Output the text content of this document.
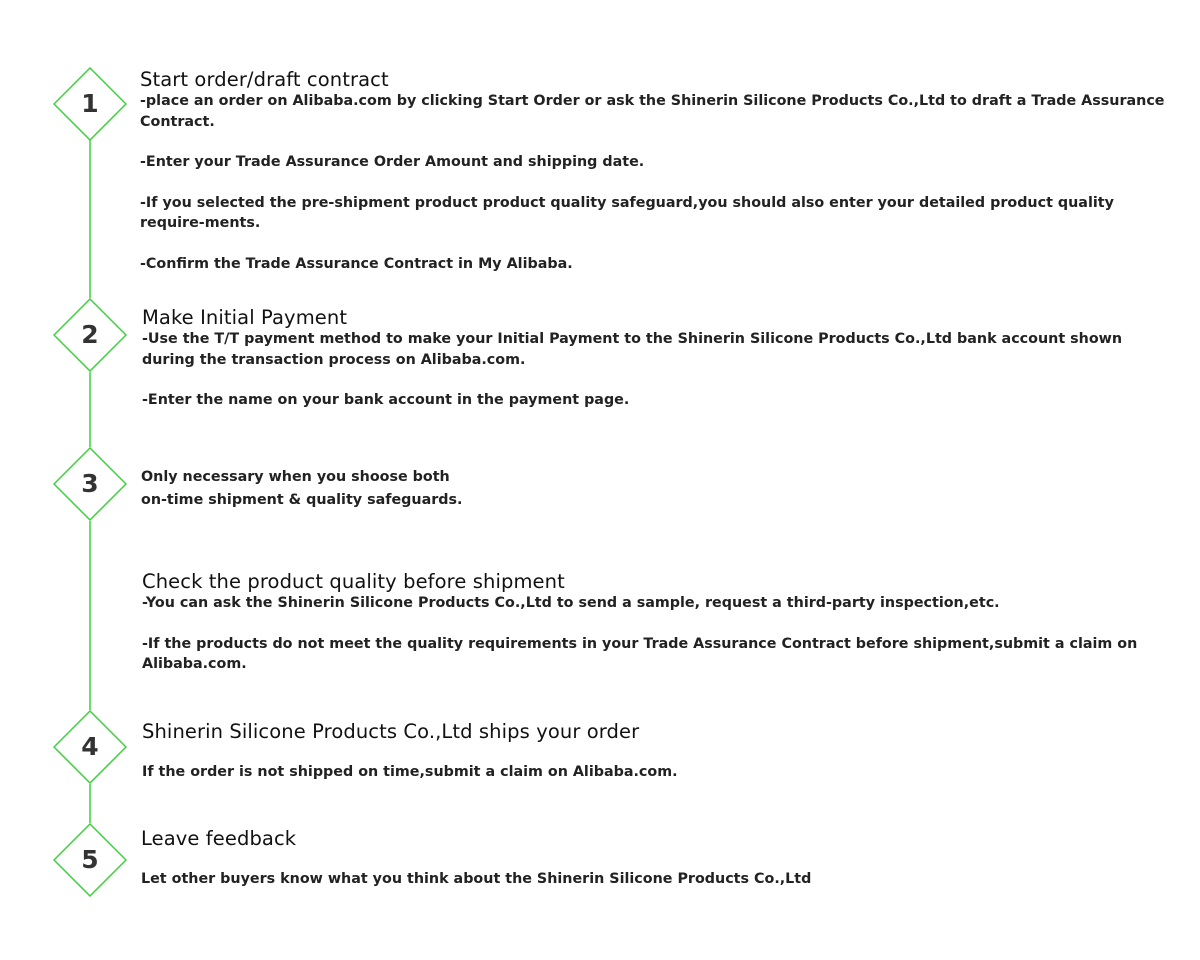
1
2
3
4
5
Start order/draft contract

-place an order on Alibaba.com by clicking Start Order or ask the Shinerin Silicone Products Co.,Ltd to draft a Trade Assurance Contract.

-Enter your Trade Assurance Order Amount and shipping date.

-If you selected the pre-shipment product product quality safeguard,you should also enter your detailed product quality require-ments.

-Confirm the Trade Assurance Contract in My Alibaba.

Make Initial Payment

-Use the T/T payment method to make your Initial Payment to the Shinerin Silicone Products Co.,Ltd bank account shown during the transaction process on Alibaba.com.

-Enter the name on your bank account in the payment page.

Only necessary when you shoose both

on-time shipment & quality safeguards.

Check the product quality before shipment

-You can ask the Shinerin Silicone Products Co.,Ltd to send a sample, request a third-party inspection,etc.

-If the products do not meet the quality requirements in your Trade Assurance Contract before shipment,submit a claim on Alibaba.com.

Shinerin Silicone Products Co.,Ltd ships your order

If the order is not shipped on time,submit a claim on Alibaba.com.

Leave feedback

Let other buyers know what you think about the Shinerin Silicone Products Co.,Ltd
